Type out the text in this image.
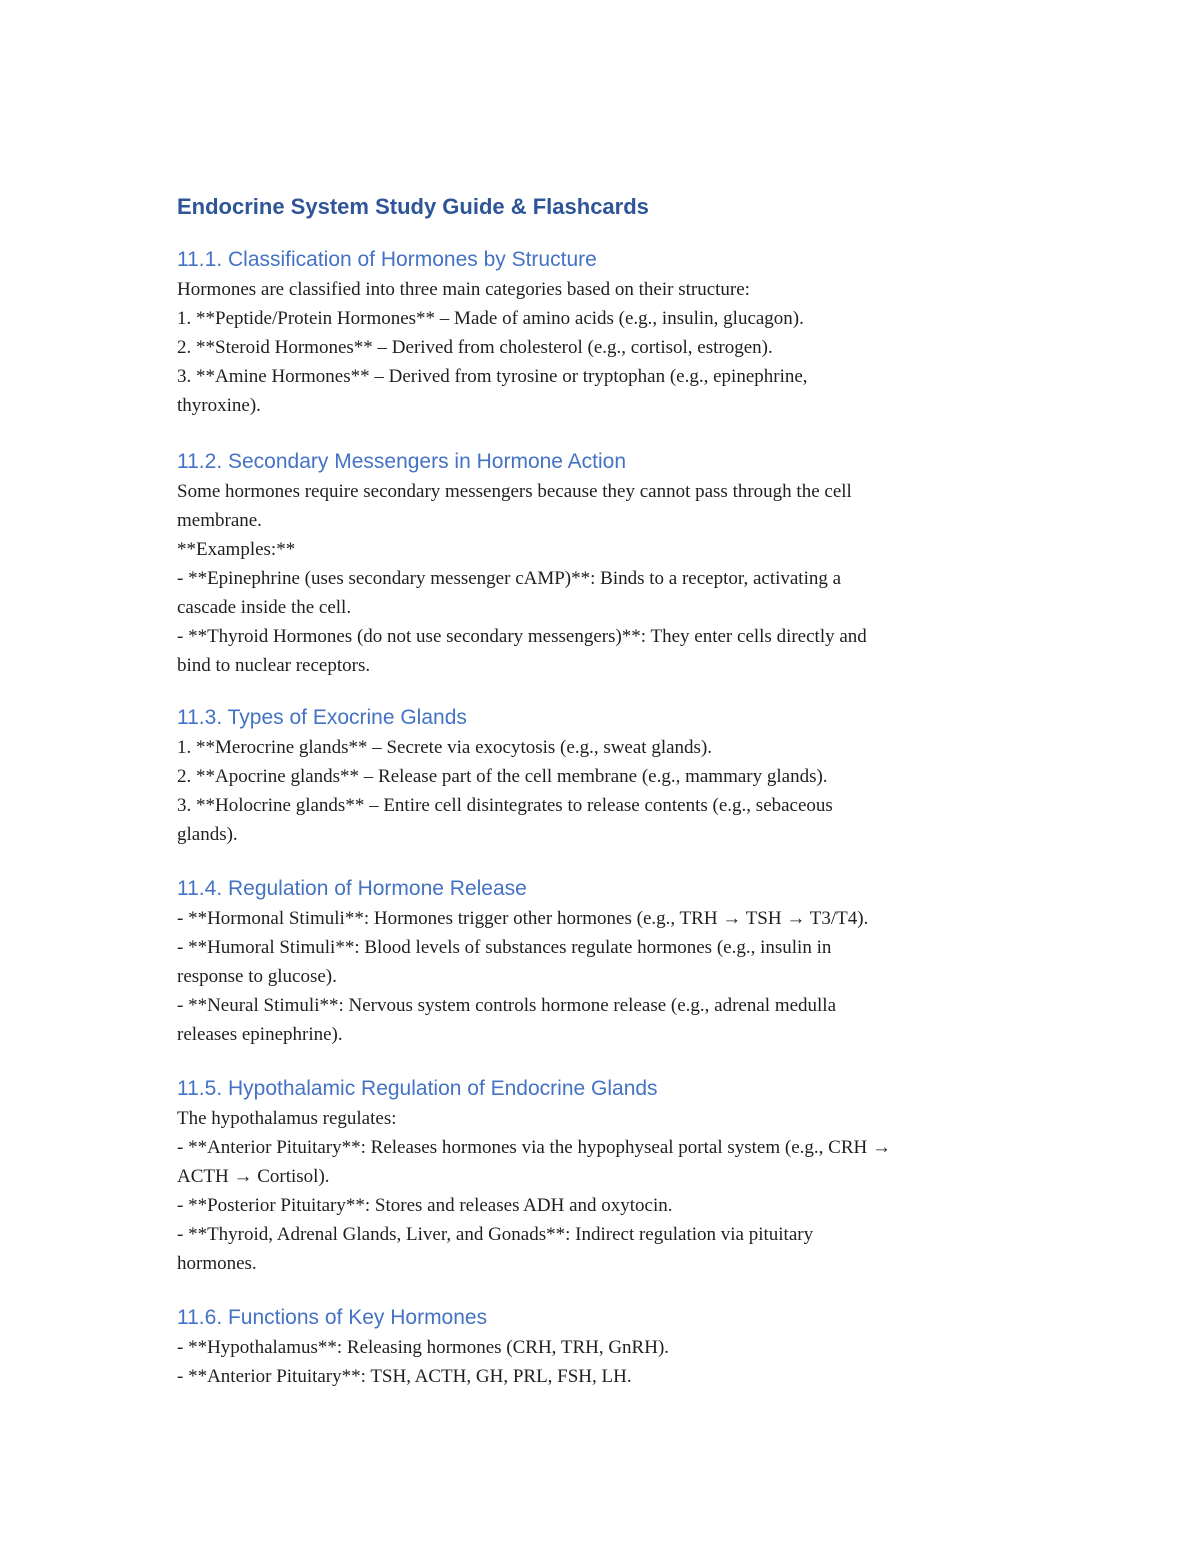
Endocrine System Study Guide & Flashcards
11.1. Classification of Hormones by Structure

Hormones are classified into three main categories based on their structure:

1. **Peptide/Protein Hormones** – Made of amino acids (e.g., insulin, glucagon).

2. **Steroid Hormones** – Derived from cholesterol (e.g., cortisol, estrogen).

3. **Amine Hormones** – Derived from tyrosine or tryptophan (e.g., epinephrine,

thyroxine).

11.2. Secondary Messengers in Hormone Action

Some hormones require secondary messengers because they cannot pass through the cell

membrane.

**Examples:**

- **Epinephrine (uses secondary messenger cAMP)**: Binds to a receptor, activating a

cascade inside the cell.

- **Thyroid Hormones (do not use secondary messengers)**: They enter cells directly and

bind to nuclear receptors.

11.3. Types of Exocrine Glands

1. **Merocrine glands** – Secrete via exocytosis (e.g., sweat glands).

2. **Apocrine glands** – Release part of the cell membrane (e.g., mammary glands).

3. **Holocrine glands** – Entire cell disintegrates to release contents (e.g., sebaceous

glands).

11.4. Regulation of Hormone Release

- **Hormonal Stimuli**: Hormones trigger other hormones (e.g., TRH → TSH → T3/T4).

- **Humoral Stimuli**: Blood levels of substances regulate hormones (e.g., insulin in

response to glucose).

- **Neural Stimuli**: Nervous system controls hormone release (e.g., adrenal medulla

releases epinephrine).

11.5. Hypothalamic Regulation of Endocrine Glands

The hypothalamus regulates:

- **Anterior Pituitary**: Releases hormones via the hypophyseal portal system (e.g., CRH →

ACTH → Cortisol).

- **Posterior Pituitary**: Stores and releases ADH and oxytocin.

- **Thyroid, Adrenal Glands, Liver, and Gonads**: Indirect regulation via pituitary

hormones.

11.6. Functions of Key Hormones

- **Hypothalamus**: Releasing hormones (CRH, TRH, GnRH).

- **Anterior Pituitary**: TSH, ACTH, GH, PRL, FSH, LH.
